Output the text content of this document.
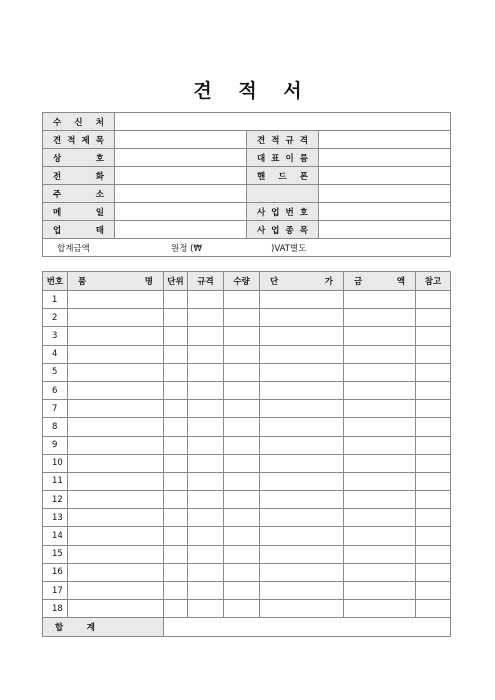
견 적 서
수 신 처			

견 적 제 목		견 적 규 격	

상 호		대 표 이 름	

전 화		핸 드 폰	

주 소			

메 일		사 업 번 호	

업 태		사 업 종 목	

합계금액 원정 (₩ )VAT별도			
번호	품 명	단위	규격	수량	단 가	금 액	참고
1							
2							
3							
4							
5							
6							
7							
8							
9							
10							
11							
12							
13							
14							
15							
16							
17							
18							

합 계							
